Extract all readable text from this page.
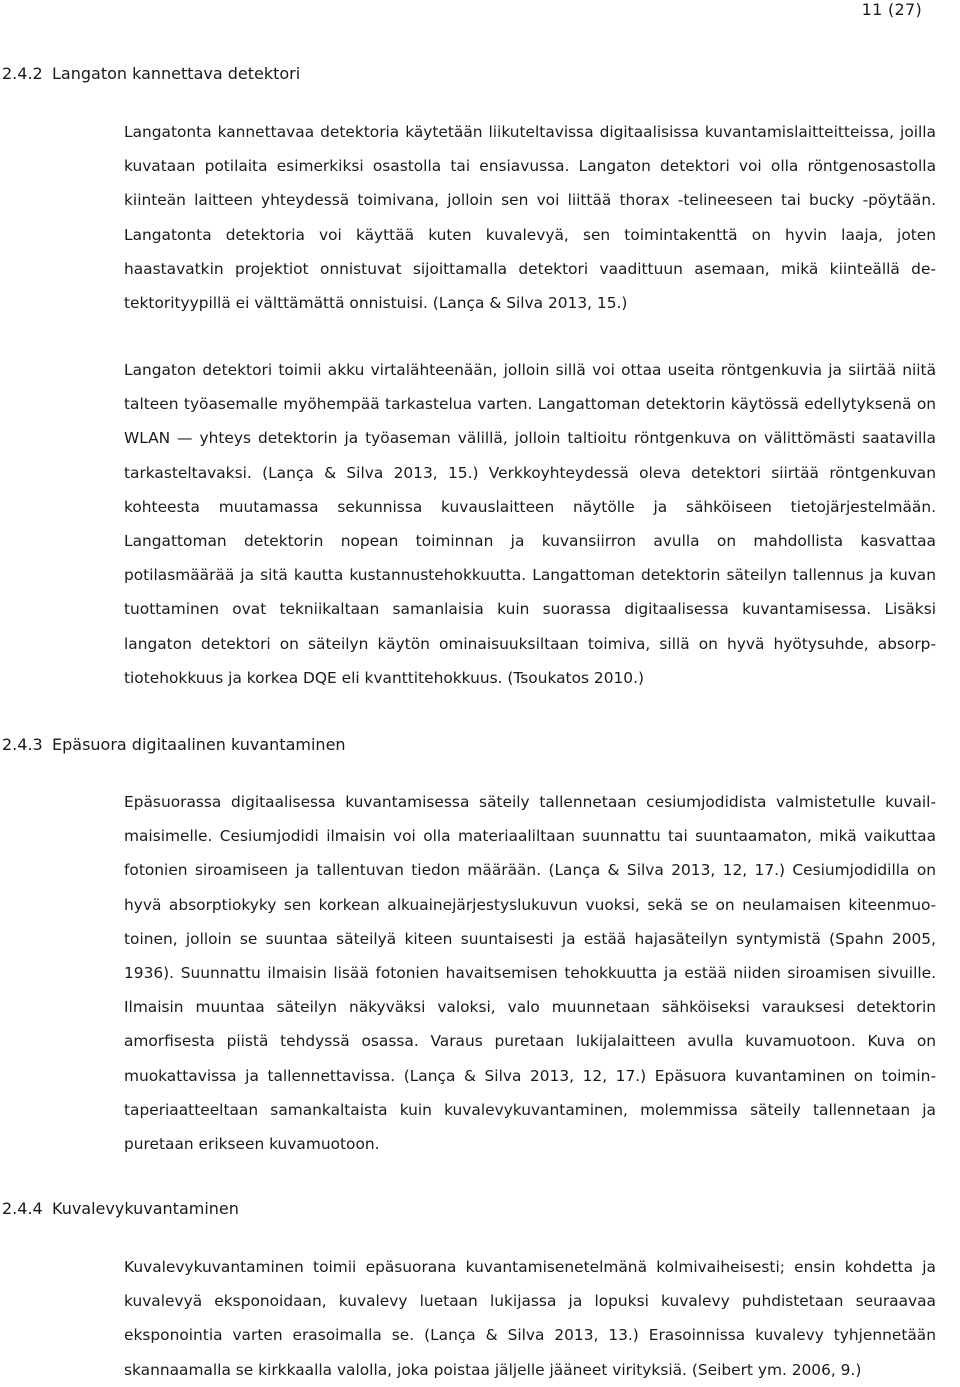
11 (27)
2.4.2 Langaton kannettava detektori

Langatonta kannettavaa detektoria käytetään liikuteltavissa digitaalisissa kuvantamislaitteitteissa, joilla kuvataan potilaita esimerkiksi osastolla tai ensiavussa. Langaton detektori voi olla röntgenosastolla kiinteän laitteen yhteydessä toimivana, jolloin sen voi liittää thorax -telineeseen tai bucky -pöytään. Langatonta detektoria voi käyttää kuten kuvalevyä, sen toimintakenttä on hyvin laaja, joten haastavatkin projektiot onnistuvat sijoittamalla detektori vaadittuun asemaan, mikä kiinteällä detektorityypillä ei välttämättä onnistuisi. (Lança & Silva 2013, 15.)

Langaton detektori toimii akku virtalähteenään, jolloin sillä voi ottaa useita röntgenkuvia ja siirtää niitä talteen työasemalle myöhempää tarkastelua varten. Langattoman detektorin käytössä edellytyksenä on WLAN — yhteys detektorin ja työaseman välillä, jolloin taltioitu röntgenkuva on välittömästi saatavilla tarkasteltavaksi. (Lança & Silva 2013, 15.) Verkkoyhteydessä oleva detektori siirtää röntgenkuvan kohteesta muutamassa sekunnissa kuvauslaitteen näytölle ja sähköiseen tietojärjestelmään. Langattoman detektorin nopean toiminnan ja kuvansiirron avulla on mahdollista kasvattaa potilasmäärää ja sitä kautta kustannustehokkuutta. Langattoman detektorin säteilyn tallennus ja kuvan tuottaminen ovat tekniikaltaan samanlaisia kuin suorassa digitaalisessa kuvantamisessa. Lisäksi langaton detektori on säteilyn käytön ominaisuuksiltaan toimiva, sillä on hyvä hyötysuhde, absorptiotehokkuus ja korkea DQE eli kvanttitehokkuus. (Tsoukatos 2010.)

2.4.3 Epäsuora digitaalinen kuvantaminen

Epäsuorassa digitaalisessa kuvantamisessa säteily tallennetaan cesiumjodidista valmistetulle kuvailmaisimelle. Cesiumjodidi ilmaisin voi olla materiaaliltaan suunnattu tai suuntaamaton, mikä vaikuttaa fotonien siroamiseen ja tallentuvan tiedon määrään. (Lança & Silva 2013, 12, 17.) Cesiumjodidilla on hyvä absorptiokyky sen korkean alkuainejärjestyslukuvun vuoksi, sekä se on neulamaisen kiteenmuotoinen, jolloin se suuntaa säteilyä kiteen suuntaisesti ja estää hajasäteilyn syntymistä (Spahn 2005, 1936). Suunnattu ilmaisin lisää fotonien havaitsemisen tehokkuutta ja estää niiden siroamisen sivuille. Ilmaisin muuntaa säteilyn näkyväksi valoksi, valo muunnetaan sähköiseksi varauksesi detektorin amorfisesta piistä tehdyssä osassa. Varaus puretaan lukijalaitteen avulla kuvamuotoon. Kuva on muokattavissa ja tallennettavissa. (Lança & Silva 2013, 12, 17.) Epäsuora kuvantaminen on toimintaperiaatteeltaan samankaltaista kuin kuvalevykuvantaminen, molemmissa säteily tallennetaan ja puretaan erikseen kuvamuotoon.

2.4.4 Kuvalevykuvantaminen

Kuvalevykuvantaminen toimii epäsuorana kuvantamisenetelmänä kolmivaiheisesti; ensin kohdetta ja kuvalevyä eksponoidaan, kuvalevy luetaan lukijassa ja lopuksi kuvalevy puhdistetaan seuraavaa eksponointia varten erasoimalla se. (Lança & Silva 2013, 13.) Erasoinnissa kuvalevy tyhjennetään skannaamalla se kirkkaalla valolla, joka poistaa jäljelle jääneet virityksiä. (Seibert ym. 2006, 9.)
